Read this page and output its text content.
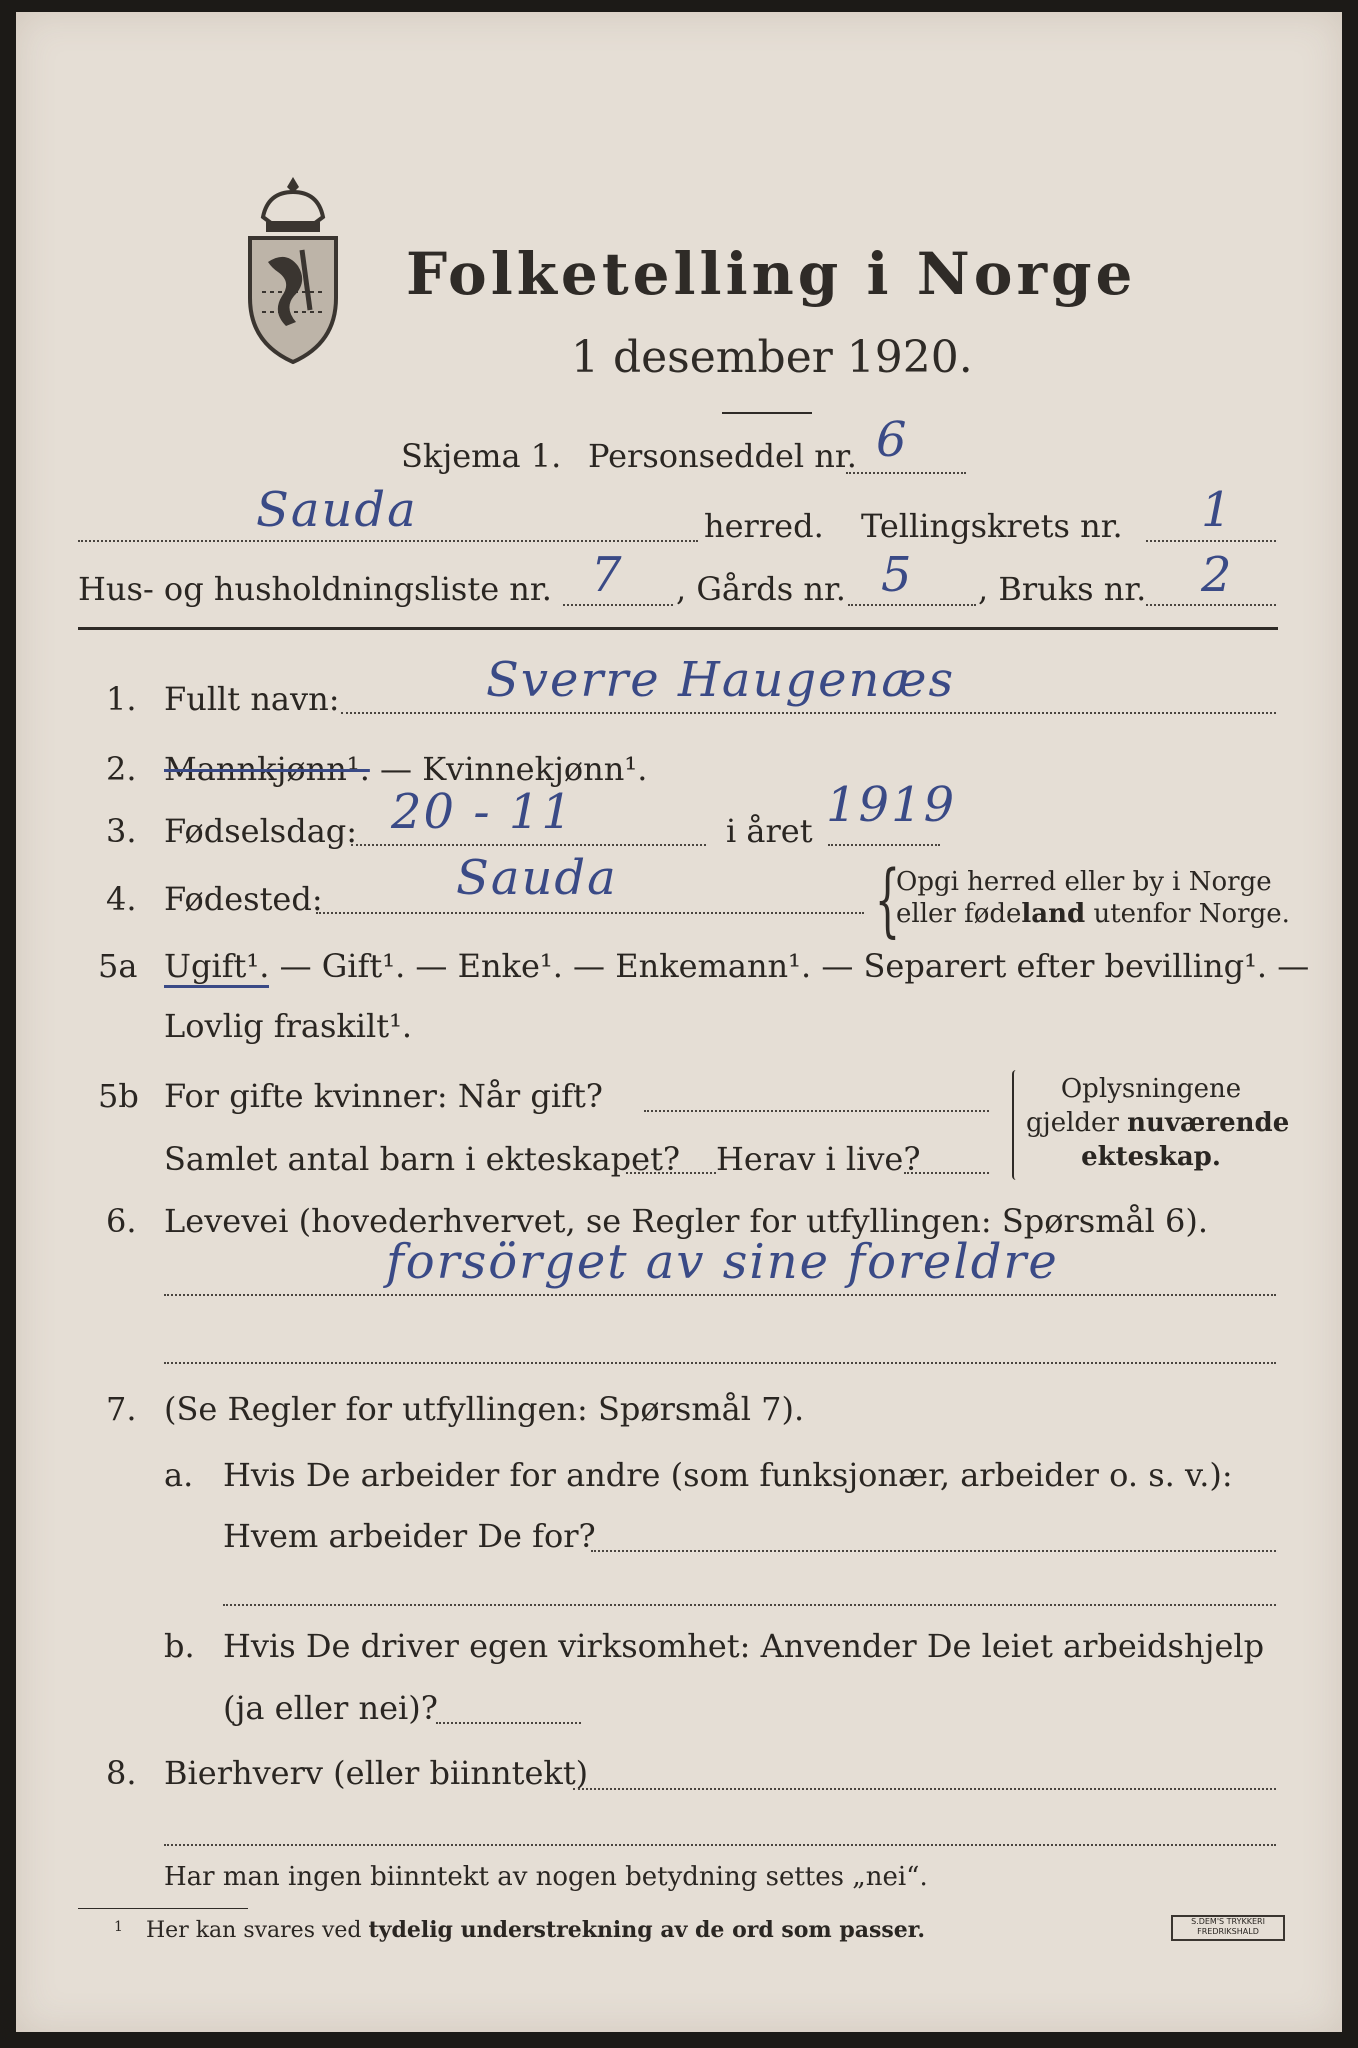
Folketelling i Norge
1 desember 1920.
Skjema 1. Personseddel nr. 6
Sauda	herred. Tellingskrets nr. 1
Hus- og husholdningsliste nr. 7 , Gårds nr. 5 , Bruks nr. 2
1. Fullt navn:	Sverre Haugenæs
2. Mannkjønn¹. — Kvinnekjønn¹.
3. Fødselsdag: 20 - 11	i året 1919
4. Fødested:	Sauda	{
Opgi herred eller by i Norge
eller fødeland utenfor Norge.
5a Ugift¹. — Gift¹. — Enke¹. — Enkemann¹. — Separert efter bevilling¹. —
Lovlig fraskilt¹.
5b For gifte kvinner: Når gift?
Samlet antal barn i ekteskapet? Herav i live?
Oplysningene
gjelder nuværende
ekteskap.
6. Levevei (hovederhvervet, se Regler for utfyllingen: Spørsmål 6).
forsörget av sine foreldre
7. (Se Regler for utfyllingen: Spørsmål 7).
a. Hvis De arbeider for andre (som funksjonær, arbeider o. s. v.):
Hvem arbeider De for?
b. Hvis De driver egen virksomhet: Anvender De leiet arbeidshjelp
(ja eller nei)?
8. Bierhverv (eller biinntekt)
Har man ingen biinntekt av nogen betydning settes „nei“.
1 Her kan svares ved tydelig understrekning av de ord som passer.	S.DEM'S TRYKKERI FREDRIKSHALD
